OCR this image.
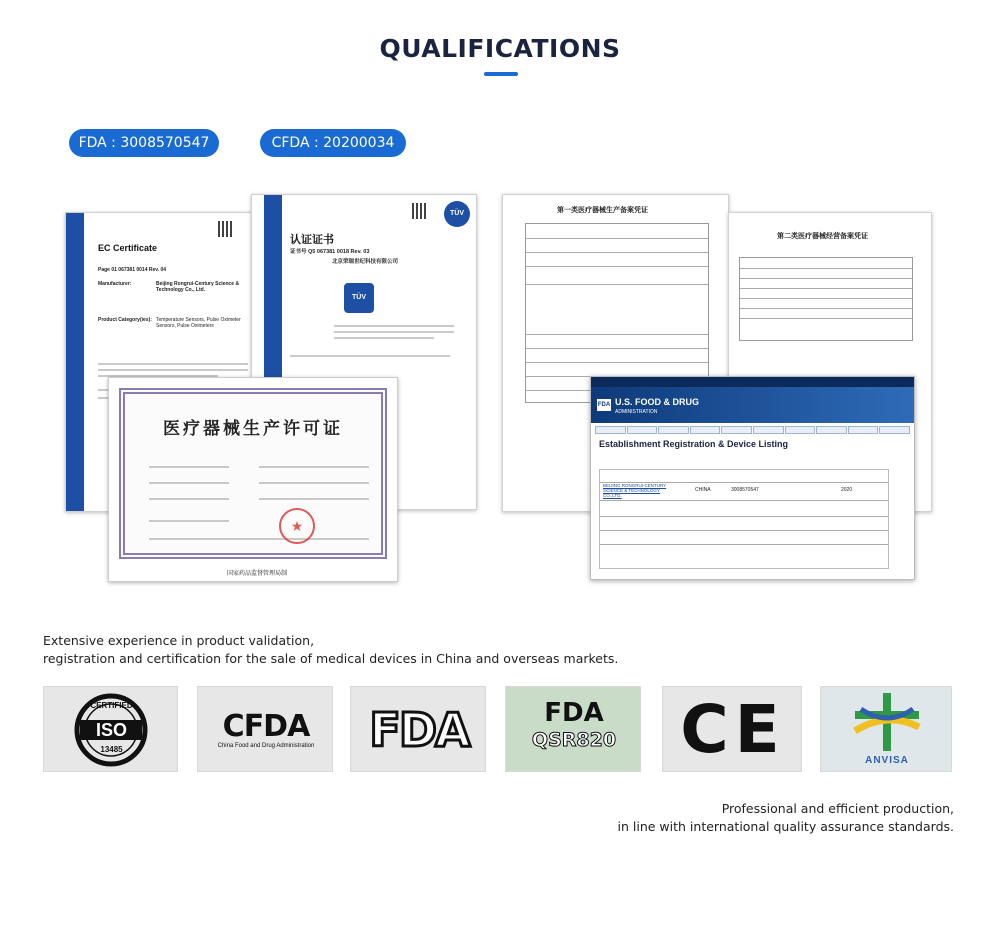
QUALIFICATIONS
FDA : 3008570547	CFDA : 20200034
EC Certificate
Page 01 067381 0014 Rev. 04
Manufacturer:	Beijing Rongrui-Century Science & Technology Co., Ltd.
Product Category(ies): Temperature Sensors, Pulse Oximeter Sensors, Pulse Oximeters
TÜV
认证证书
证书号 Q5 067381 0018 Rev. 03
北京荣瑞世纪科技有限公司
TÜV
医疗器械生产许可证
★
国家药品监督管理局制
第一类医疗器械生产备案凭证
第二类医疗器械经营备案凭证
FDA U.S. FOOD & DRUG
ADMINISTRATION
Establishment Registration & Device Listing
BEIJING RONGRUI-CENTURY SCIENCE & TECHNOLOGY CO.,LTD.
CHINA	3008570547	2020
Extensive experience in product validation,
registration and certification for the sale of medical devices in China and overseas markets.
CERTIFIED
ISO
13485
CFDA
China Food and Drug Administration	FDA	FDA
QSR820 CE	ANVISA
Professional and efficient production,
in line with international quality assurance standards.
